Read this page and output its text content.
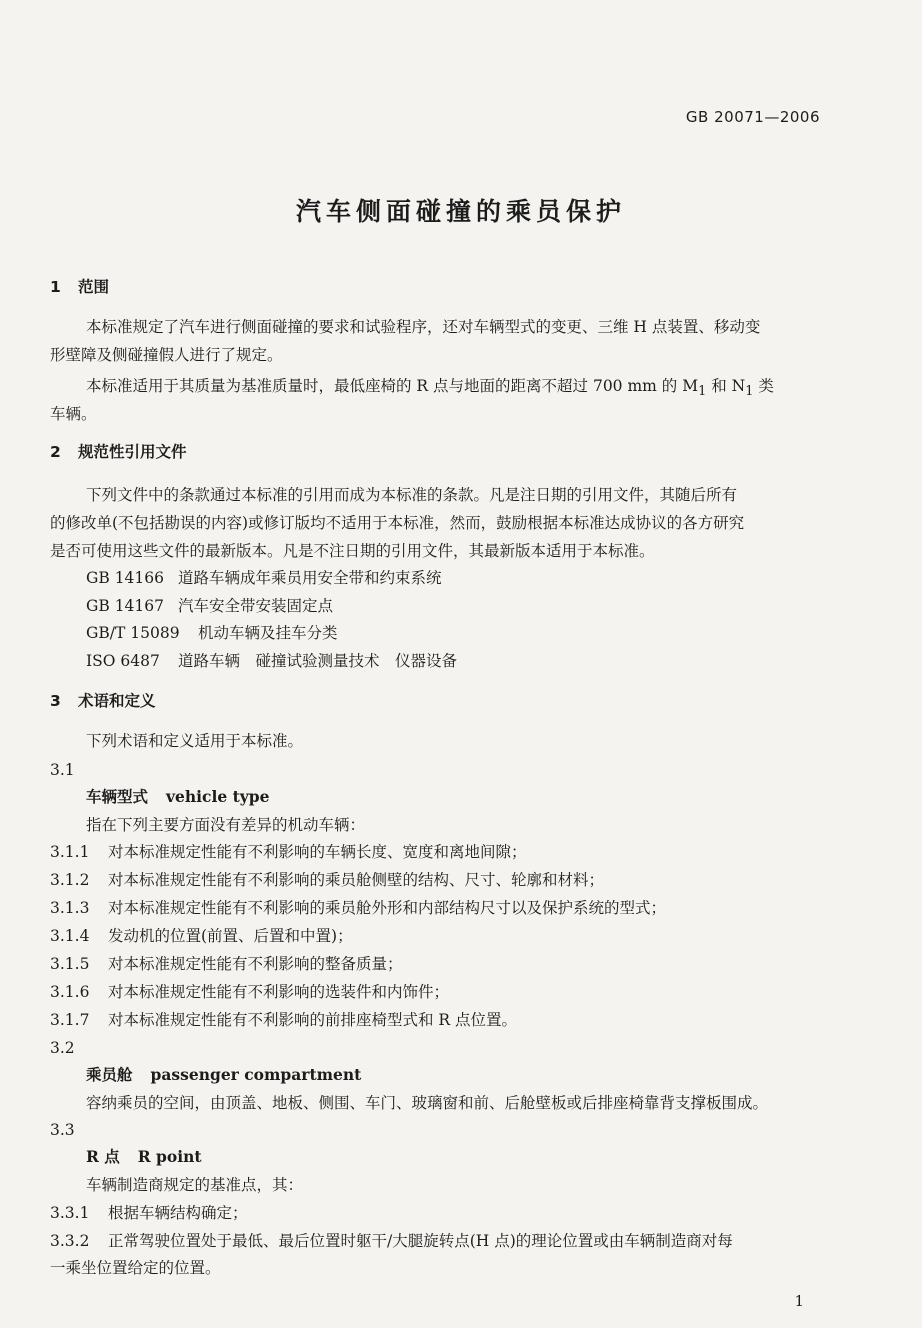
GB 20071—2006
汽车侧面碰撞的乘员保护
1 范围
本标准规定了汽车进行侧面碰撞的要求和试验程序，还对车辆型式的变更、三维 H 点装置、移动变
形壁障及侧碰撞假人进行了规定。
本标准适用于其质量为基准质量时，最低座椅的 R 点与地面的距离不超过 700 mm 的 $M_1$ 和 $N_1$ 类
车辆。
2 规范性引用文件
下列文件中的条款通过本标准的引用而成为本标准的条款。凡是注日期的引用文件，其随后所有
的修改单(不包括勘误的内容)或修订版均不适用于本标准，然而，鼓励根据本标准达成协议的各方研究
是否可使用这些文件的最新版本。凡是不注日期的引用文件，其最新版本适用于本标准。
GB 14166 道路车辆成年乘员用安全带和约束系统
GB 14167 汽车安全带安装固定点
GB/T 15089 机动车辆及挂车分类
ISO 6487 道路车辆　碰撞试验测量技术　仪器设备
3 术语和定义
下列术语和定义适用于本标准。
3.1
车辆型式 vehicle type
指在下列主要方面没有差异的机动车辆：
3.1.1 对本标准规定性能有不利影响的车辆长度、宽度和离地间隙；
3.1.2 对本标准规定性能有不利影响的乘员舱侧壁的结构、尺寸、轮廓和材料；
3.1.3 对本标准规定性能有不利影响的乘员舱外形和内部结构尺寸以及保护系统的型式；
3.1.4 发动机的位置(前置、后置和中置)；
3.1.5 对本标准规定性能有不利影响的整备质量；
3.1.6 对本标准规定性能有不利影响的选装件和内饰件；
3.1.7 对本标准规定性能有不利影响的前排座椅型式和 R 点位置。
3.2
乘员舱 passenger compartment
容纳乘员的空间，由顶盖、地板、侧围、车门、玻璃窗和前、后舱壁板或后排座椅靠背支撑板围成。
3.3
R 点 R point
车辆制造商规定的基准点，其：
3.3.1 根据车辆结构确定；
3.3.2 正常驾驶位置处于最低、最后位置时躯干/大腿旋转点(H 点)的理论位置或由车辆制造商对每
一乘坐位置给定的位置。
1
